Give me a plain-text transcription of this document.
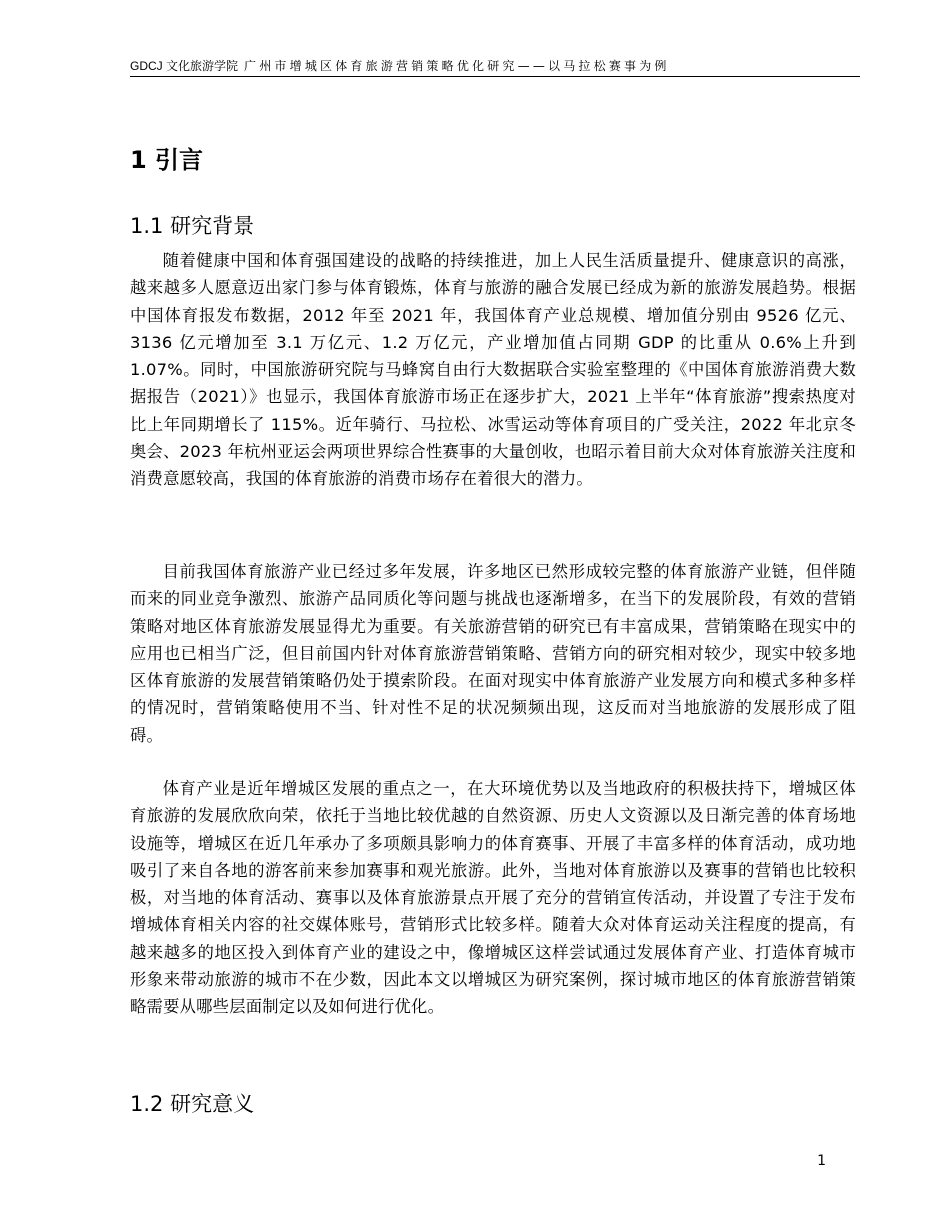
GDCJ 文化旅游学院 广州市增城区体育旅游营销策略优化研究——以马拉松赛事为例
1 引言
1.1 研究背景

随着健康中国和体育强国建设的战略的持续推进，加上人民生活质量提升、健康意识的高涨，越来越多人愿意迈出家门参与体育锻炼，体育与旅游的融合发展已经成为新的旅游发展趋势。根据中国体育报发布数据，2012 年至 2021 年，我国体育产业总规模、增加值分别由 9526 亿元、3136 亿元增加至 3.1 万亿元、1.2 万亿元，产业增加值占同期 GDP 的比重从 0.6%上升到 1.07%。同时，中国旅游研究院与马蜂窝自由行大数据联合实验室整理的《中国体育旅游消费大数据报告（2021）》也显示，我国体育旅游市场正在逐步扩大，2021 上半年“体育旅游”搜索热度对比上年同期增长了 115%。近年骑行、马拉松、冰雪运动等体育项目的广受关注，2022 年北京冬奥会、2023 年杭州亚运会两项世界综合性赛事的大量创收，也昭示着目前大众对体育旅游关注度和消费意愿较高，我国的体育旅游的消费市场存在着很大的潜力。

目前我国体育旅游产业已经过多年发展，许多地区已然形成较完整的体育旅游产业链，但伴随而来的同业竞争激烈、旅游产品同质化等问题与挑战也逐渐增多，在当下的发展阶段，有效的营销策略对地区体育旅游发展显得尤为重要。有关旅游营销的研究已有丰富成果，营销策略在现实中的应用也已相当广泛，但目前国内针对体育旅游营销策略、营销方向的研究相对较少，现实中较多地区体育旅游的发展营销策略仍处于摸索阶段。在面对现实中体育旅游产业发展方向和模式多种多样的情况时，营销策略使用不当、针对性不足的状况频频出现，这反而对当地旅游的发展形成了阻碍。

体育产业是近年增城区发展的重点之一，在大环境优势以及当地政府的积极扶持下，增城区体育旅游的发展欣欣向荣，依托于当地比较优越的自然资源、历史人文资源以及日渐完善的体育场地设施等，增城区在近几年承办了多项颇具影响力的体育赛事、开展了丰富多样的体育活动，成功地吸引了来自各地的游客前来参加赛事和观光旅游。此外，当地对体育旅游以及赛事的营销也比较积极，对当地的体育活动、赛事以及体育旅游景点开展了充分的营销宣传活动，并设置了专注于发布增城体育相关内容的社交媒体账号，营销形式比较多样。随着大众对体育运动关注程度的提高，有越来越多的地区投入到体育产业的建设之中，像增城区这样尝试通过发展体育产业、打造体育城市形象来带动旅游的城市不在少数，因此本文以增城区为研究案例，探讨城市地区的体育旅游营销策略需要从哪些层面制定以及如何进行优化。

1.2 研究意义
1
